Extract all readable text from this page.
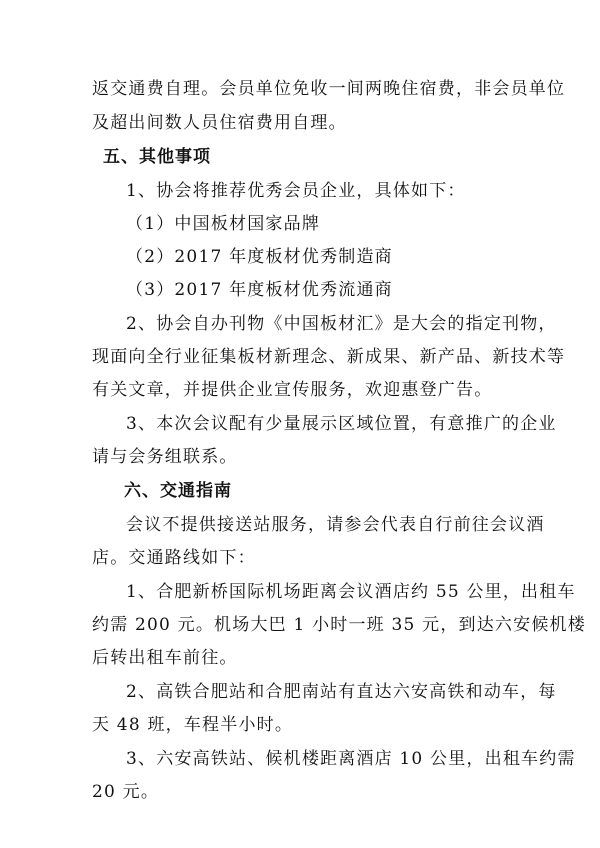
返交通费自理。会员单位免收一间两晚住宿费，非会员单位
及超出间数人员住宿费用自理。
五、其他事项
1、协会将推荐优秀会员企业，具体如下：
（1）中国板材国家品牌
（2）2017 年度板材优秀制造商
（3）2017 年度板材优秀流通商
2、协会自办刊物《中国板材汇》是大会的指定刊物，
现面向全行业征集板材新理念、新成果、新产品、新技术等
有关文章，并提供企业宣传服务，欢迎惠登广告。
3、本次会议配有少量展示区域位置，有意推广的企业
请与会务组联系。
六、交通指南
会议不提供接送站服务，请参会代表自行前往会议酒
店。交通路线如下：
1、合肥新桥国际机场距离会议酒店约 55 公里，出租车
约需 200 元。机场大巴 1 小时一班 35 元，到达六安候机楼
后转出租车前往。
2、高铁合肥站和合肥南站有直达六安高铁和动车，每
天 48 班，车程半小时。
3、六安高铁站、候机楼距离酒店 10 公里，出租车约需
20 元。
